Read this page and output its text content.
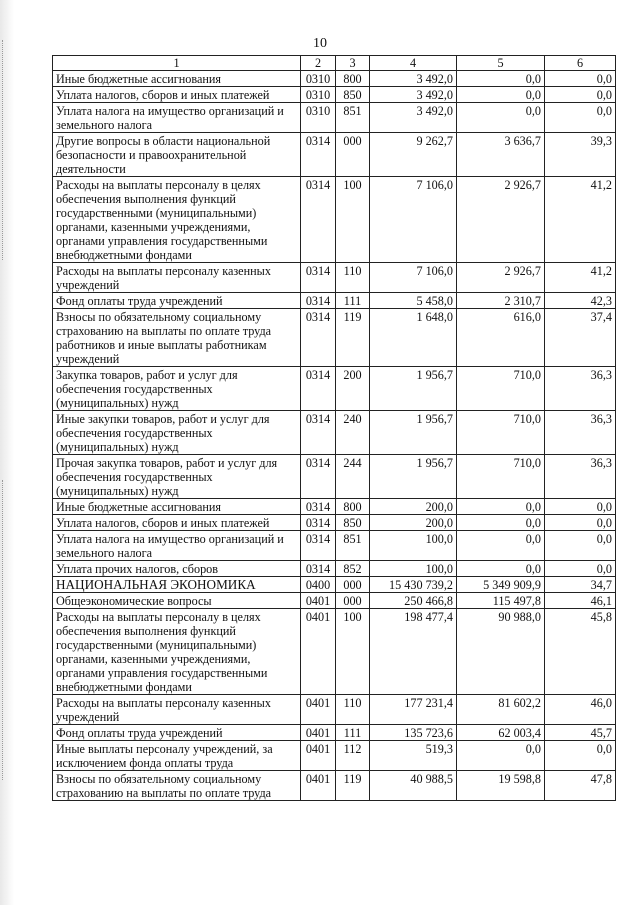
10
1	2	3	4	5	6
Иные бюджетные ассигнования	0310	800	3 492,0	0,0	0,0
Уплата налогов, сборов и иных платежей	0310	850	3 492,0	0,0	0,0
Уплата налога на имущество организаций и земельного налога	0310	851	3 492,0	0,0	0,0
Другие вопросы в области национальной безопасности и правоохранительной деятельности	0314	000	9 262,7	3 636,7	39,3
Расходы на выплаты персоналу в целях обеспечения выполнения функций государственными (муниципальными) органами, казенными учреждениями, органами управления государственными внебюджетными фондами	0314	100	7 106,0	2 926,7	41,2
Расходы на выплаты персоналу казенных учреждений	0314	110	7 106,0	2 926,7	41,2
Фонд оплаты труда учреждений	0314	111	5 458,0	2 310,7	42,3
Взносы по обязательному социальному страхованию на выплаты по оплате труда работников и иные выплаты работникам учреждений	0314	119	1 648,0	616,0	37,4
Закупка товаров, работ и услуг для обеспечения государственных (муниципальных) нужд	0314	200	1 956,7	710,0	36,3
Иные закупки товаров, работ и услуг для обеспечения государственных (муниципальных) нужд	0314	240	1 956,7	710,0	36,3
Прочая закупка товаров, работ и услуг для обеспечения государственных (муниципальных) нужд	0314	244	1 956,7	710,0	36,3
Иные бюджетные ассигнования	0314	800	200,0	0,0	0,0
Уплата налогов, сборов и иных платежей	0314	850	200,0	0,0	0,0
Уплата налога на имущество организаций и земельного налога	0314	851	100,0	0,0	0,0
Уплата прочих налогов, сборов	0314	852	100,0	0,0	0,0
НАЦИОНАЛЬНАЯ ЭКОНОМИКА	0400	000	15 430 739,2	5 349 909,9	34,7
Общеэкономические вопросы	0401	000	250 466,8	115 497,8	46,1
Расходы на выплаты персоналу в целях обеспечения выполнения функций государственными (муниципальными) органами, казенными учреждениями, органами управления государственными внебюджетными фондами	0401	100	198 477,4	90 988,0	45,8
Расходы на выплаты персоналу казенных учреждений	0401	110	177 231,4	81 602,2	46,0
Фонд оплаты труда учреждений	0401	111	135 723,6	62 003,4	45,7
Иные выплаты персоналу учреждений, за исключением фонда оплаты труда	0401	112	519,3	0,0	0,0
Взносы по обязательному социальному страхованию на выплаты по оплате труда	0401	119	40 988,5	19 598,8	47,8
